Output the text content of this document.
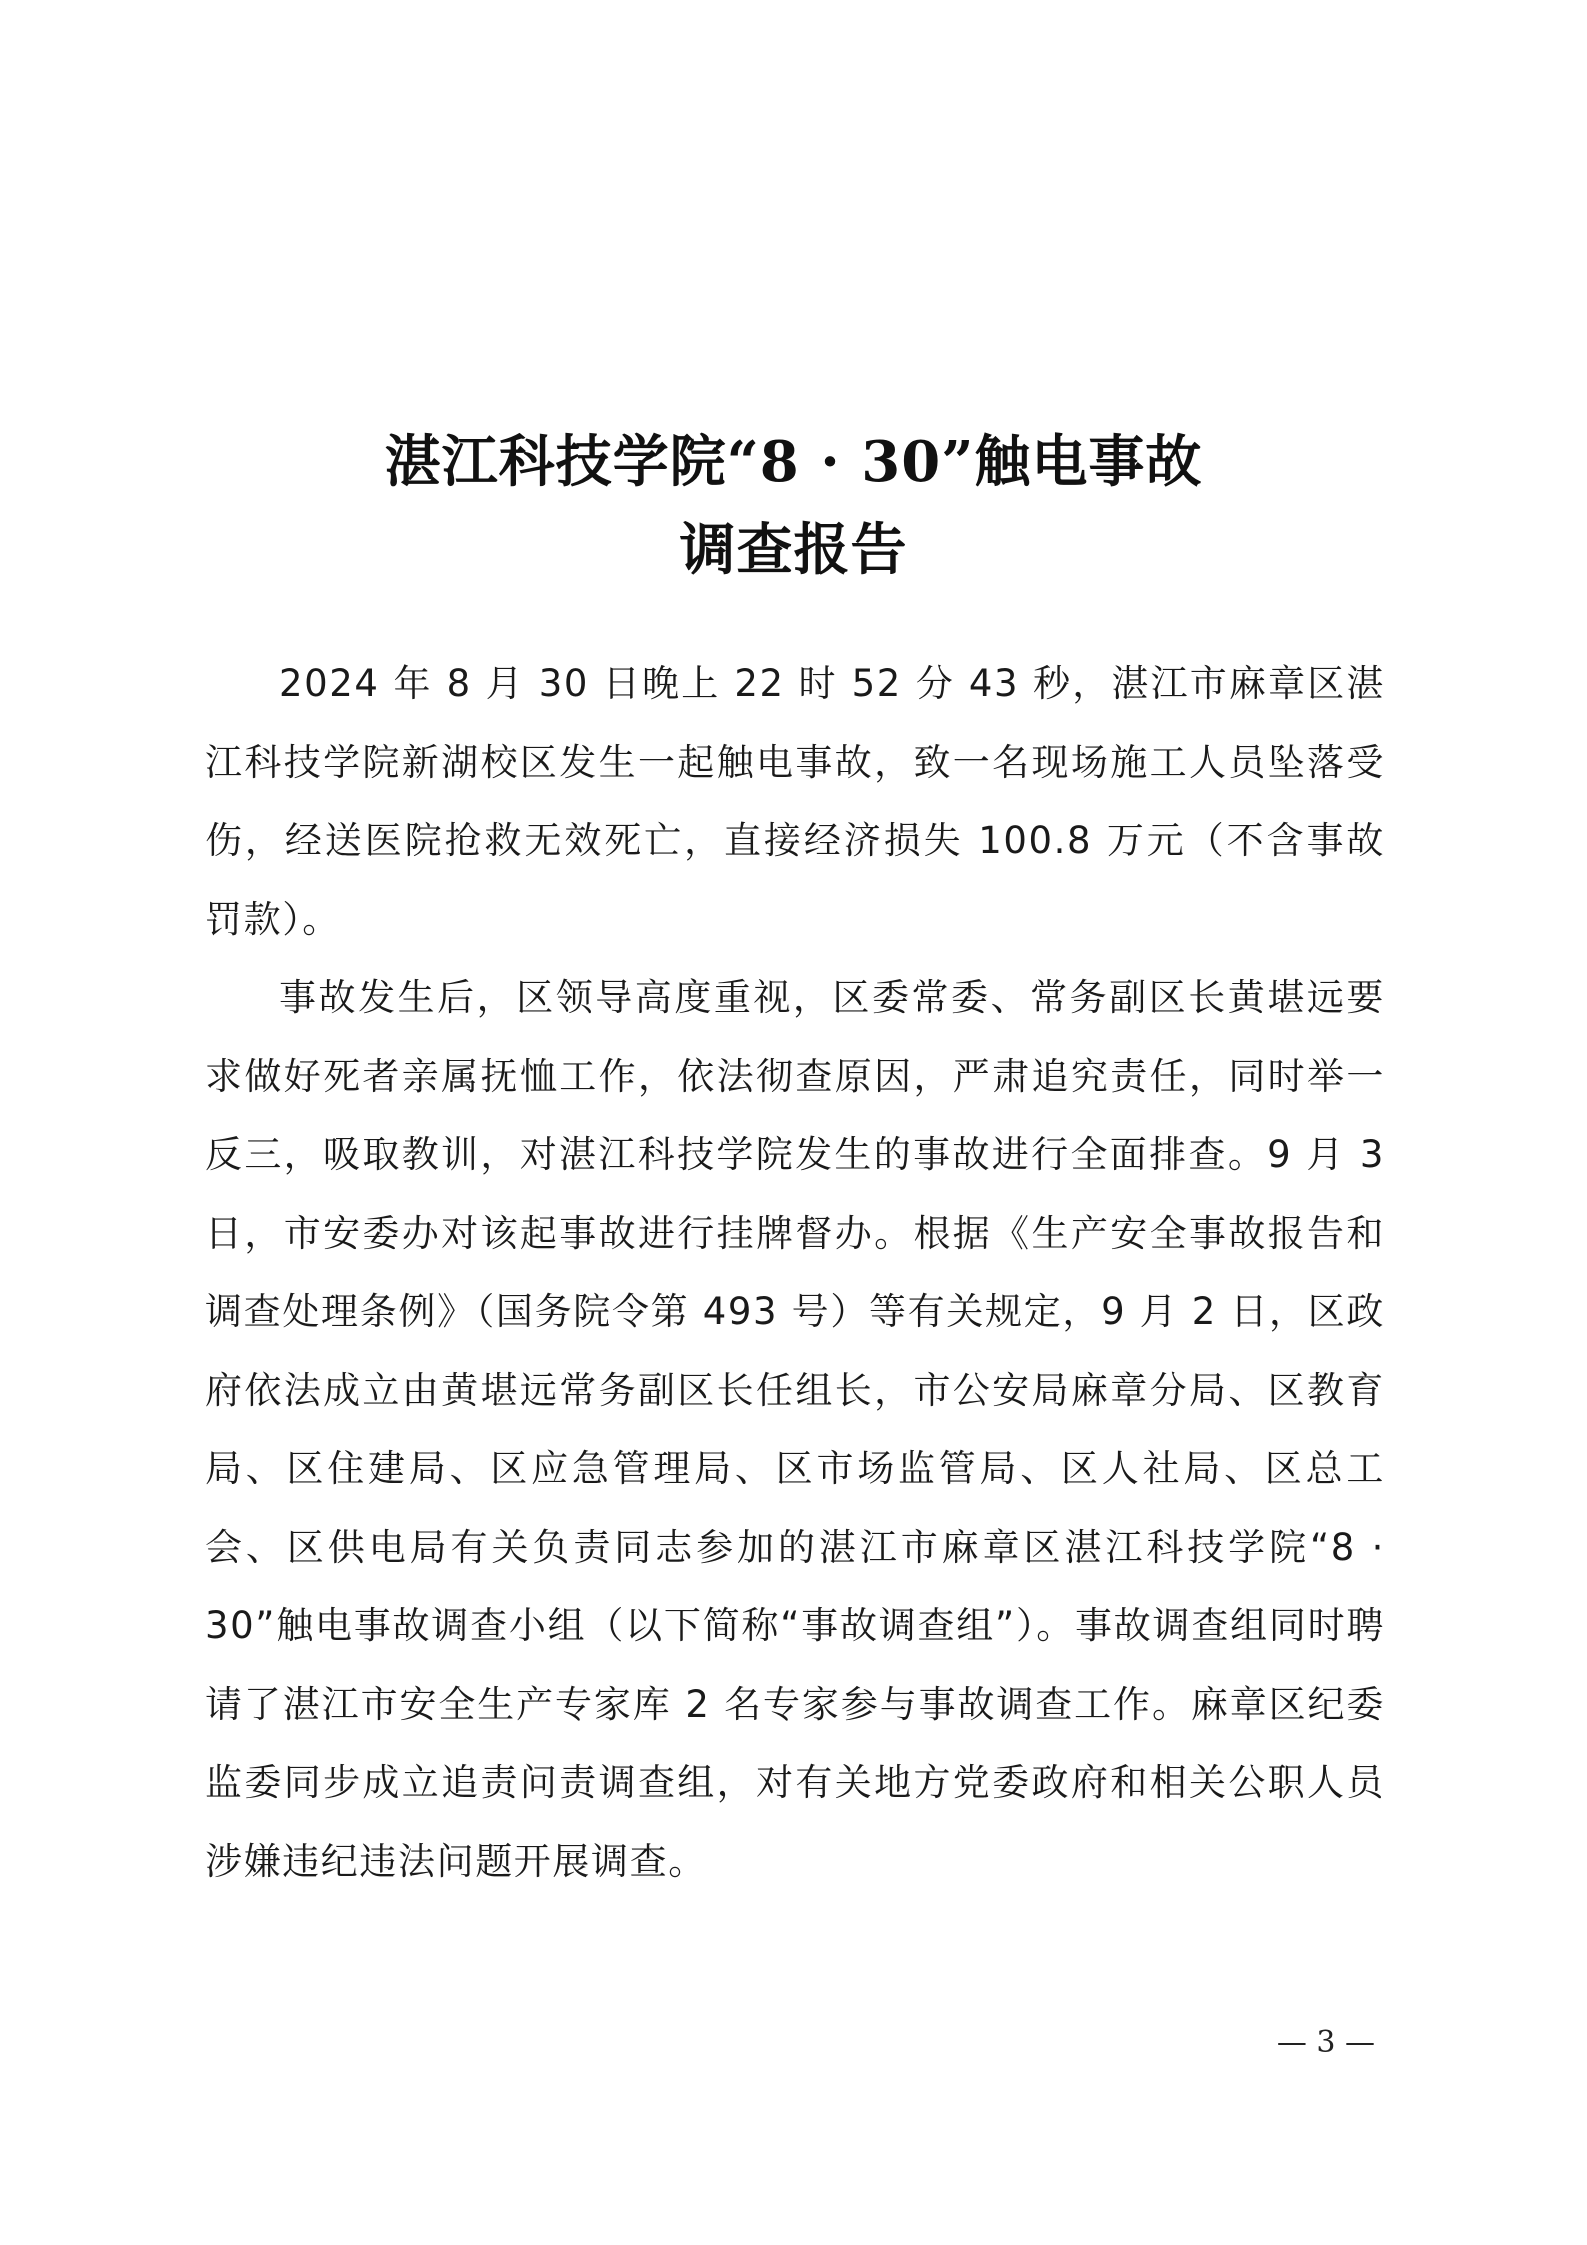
湛江科技学院“8 · 30”触电事故
调查报告

2024 年 8 月 30 日晚上 22 时 52 分 43 秒，湛江市麻章区湛江科技学院新湖校区发生一起触电事故，致一名现场施工人员坠落受伤，经送医院抢救无效死亡，直接经济损失 100.8 万元（不含事故罚款）。

事故发生后，区领导高度重视，区委常委、常务副区长黄堪远要求做好死者亲属抚恤工作，依法彻查原因，严肃追究责任，同时举一反三，吸取教训，对湛江科技学院发生的事故进行全面排查。9 月 3 日，市安委办对该起事故进行挂牌督办。根据《生产安全事故报告和调查处理条例》（国务院令第 493 号）等有关规定，9 月 2 日，区政府依法成立由黄堪远常务副区长任组长，市公安局麻章分局、区教育局、区住建局、区应急管理局、区市场监管局、区人社局、区总工会、区供电局有关负责同志参加的湛江市麻章区湛江科技学院“8 · 30”触电事故调查小组（以下简称“事故调查组”）。事故调查组同时聘请了湛江市安全生产专家库 2 名专家参与事故调查工作。麻章区纪委监委同步成立追责问责调查组，对有关地方党委政府和相关公职人员涉嫌违纪违法问题开展调查。

— 3 —
